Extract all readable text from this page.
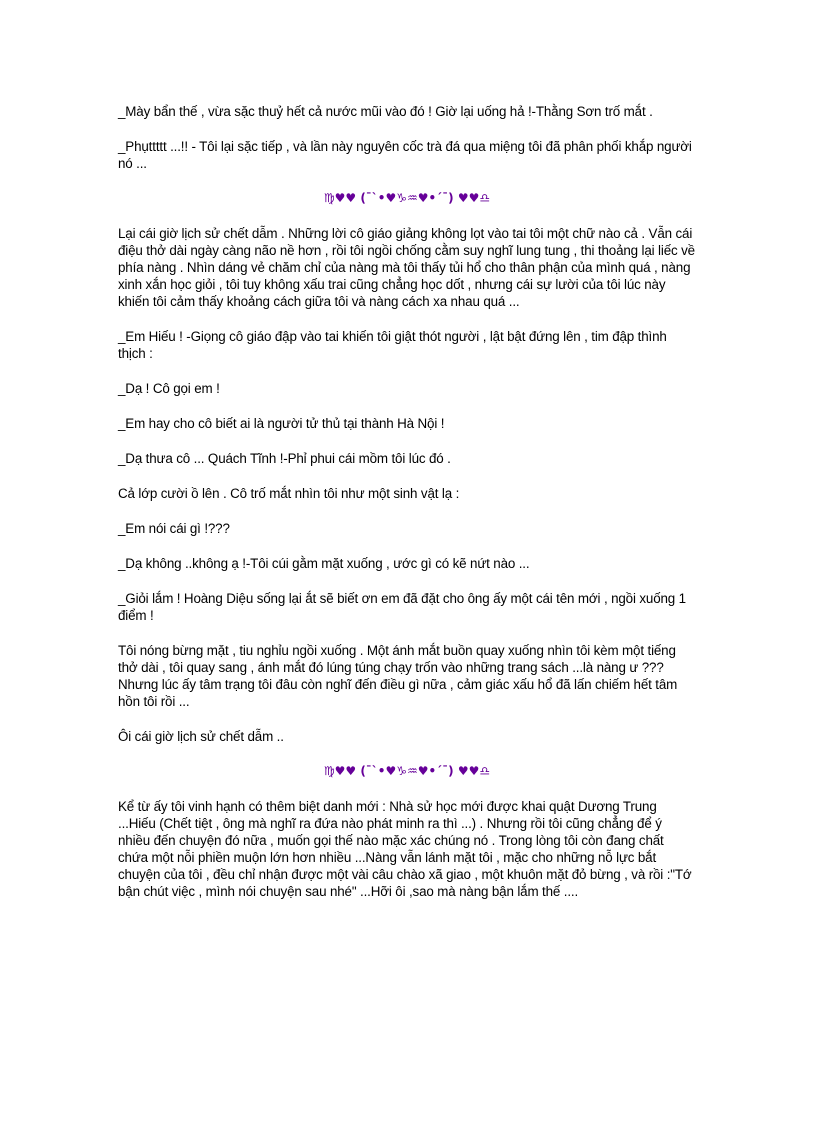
_Mày bẩn thế , vừa sặc thuỷ hết cả nước mũi vào đó ! Giờ lại uống hả !-Thằng Sơn trố mắt .

_Phụttttt ...!! - Tôi lại sặc tiếp , và lần này nguyên cốc trà đá qua miệng tôi đã phân phối khắp người nó ...

♍♥♥ (¯`•♥♑♒♥•´¯) ♥♥♎

Lại cái giờ lịch sử chết dẫm . Những lời cô giáo giảng không lọt vào tai tôi một chữ nào cả . Vẫn cái điệu thở dài ngày càng não nề hơn , rồi tôi ngồi chống cằm suy nghĩ lung tung , thi thoảng lại liếc về phía nàng . Nhìn dáng vẻ chăm chỉ của nàng mà tôi thấy tủi hổ cho thân phận của mình quá , nàng xinh xắn học giỏi , tôi tuy không xấu trai cũng chẳng học dốt , nhưng cái sự lười của tôi lúc này khiến tôi cảm thấy khoảng cách giữa tôi và nàng cách xa nhau quá ...

_Em Hiếu ! -Giọng cô giáo đập vào tai khiến tôi giật thót người , lật bật đứng lên , tim đập thình thịch :

_Dạ ! Cô gọi em !

_Em hay cho cô biết ai là người tử thủ tại thành Hà Nội !

_Dạ thưa cô ... Quách Tĩnh !-Phỉ phui cái mồm tôi lúc đó .

Cả lớp cười ồ lên . Cô trố mắt nhìn tôi như một sinh vật lạ :

_Em nói cái gì !???

_Dạ không ..không ạ !-Tôi cúi gằm mặt xuống , ước gì có kẽ nứt nào ...

_Giỏi lắm ! Hoàng Diệu sống lại ắt sẽ biết ơn em đã đặt cho ông ấy một cái tên mới , ngồi xuống 1 điểm !

Tôi nóng bừng mặt , tiu nghỉu ngồi xuống . Một ánh mắt buồn quay xuống nhìn tôi kèm một tiếng thở dài , tôi quay sang , ánh mắt đó lúng túng chạy trốn vào những trang sách ...là nàng ư ??? Nhưng lúc ấy tâm trạng tôi đâu còn nghĩ đến điều gì nữa , cảm giác xấu hổ đã lấn chiếm hết tâm hồn tôi rồi ...

Ôi cái giờ lịch sử chết dẫm ..

♍♥♥ (¯`•♥♑♒♥•´¯) ♥♥♎

Kể từ ấy tôi vinh hạnh có thêm biệt danh mới : Nhà sử học mới được khai quật Dương Trung ...Hiếu (Chết tiệt , ông mà nghĩ ra đứa nào phát minh ra thì ...) . Nhưng rồi tôi cũng chẳng để ý nhiều đến chuyện đó nữa , muốn gọi thế nào mặc xác chúng nó . Trong lòng tôi còn đang chất chứa một nỗi phiền muộn lớn hơn nhiều ...Nàng vẫn lánh mặt tôi , mặc cho những nỗ lực bắt chuyện của tôi , đều chỉ nhận được một vài câu chào xã giao , một khuôn mặt đỏ bừng , và rồi :"Tớ bận chút việc , mình nói chuyện sau nhé" ...Hỡi ôi ,sao mà nàng bận lắm thế ....
